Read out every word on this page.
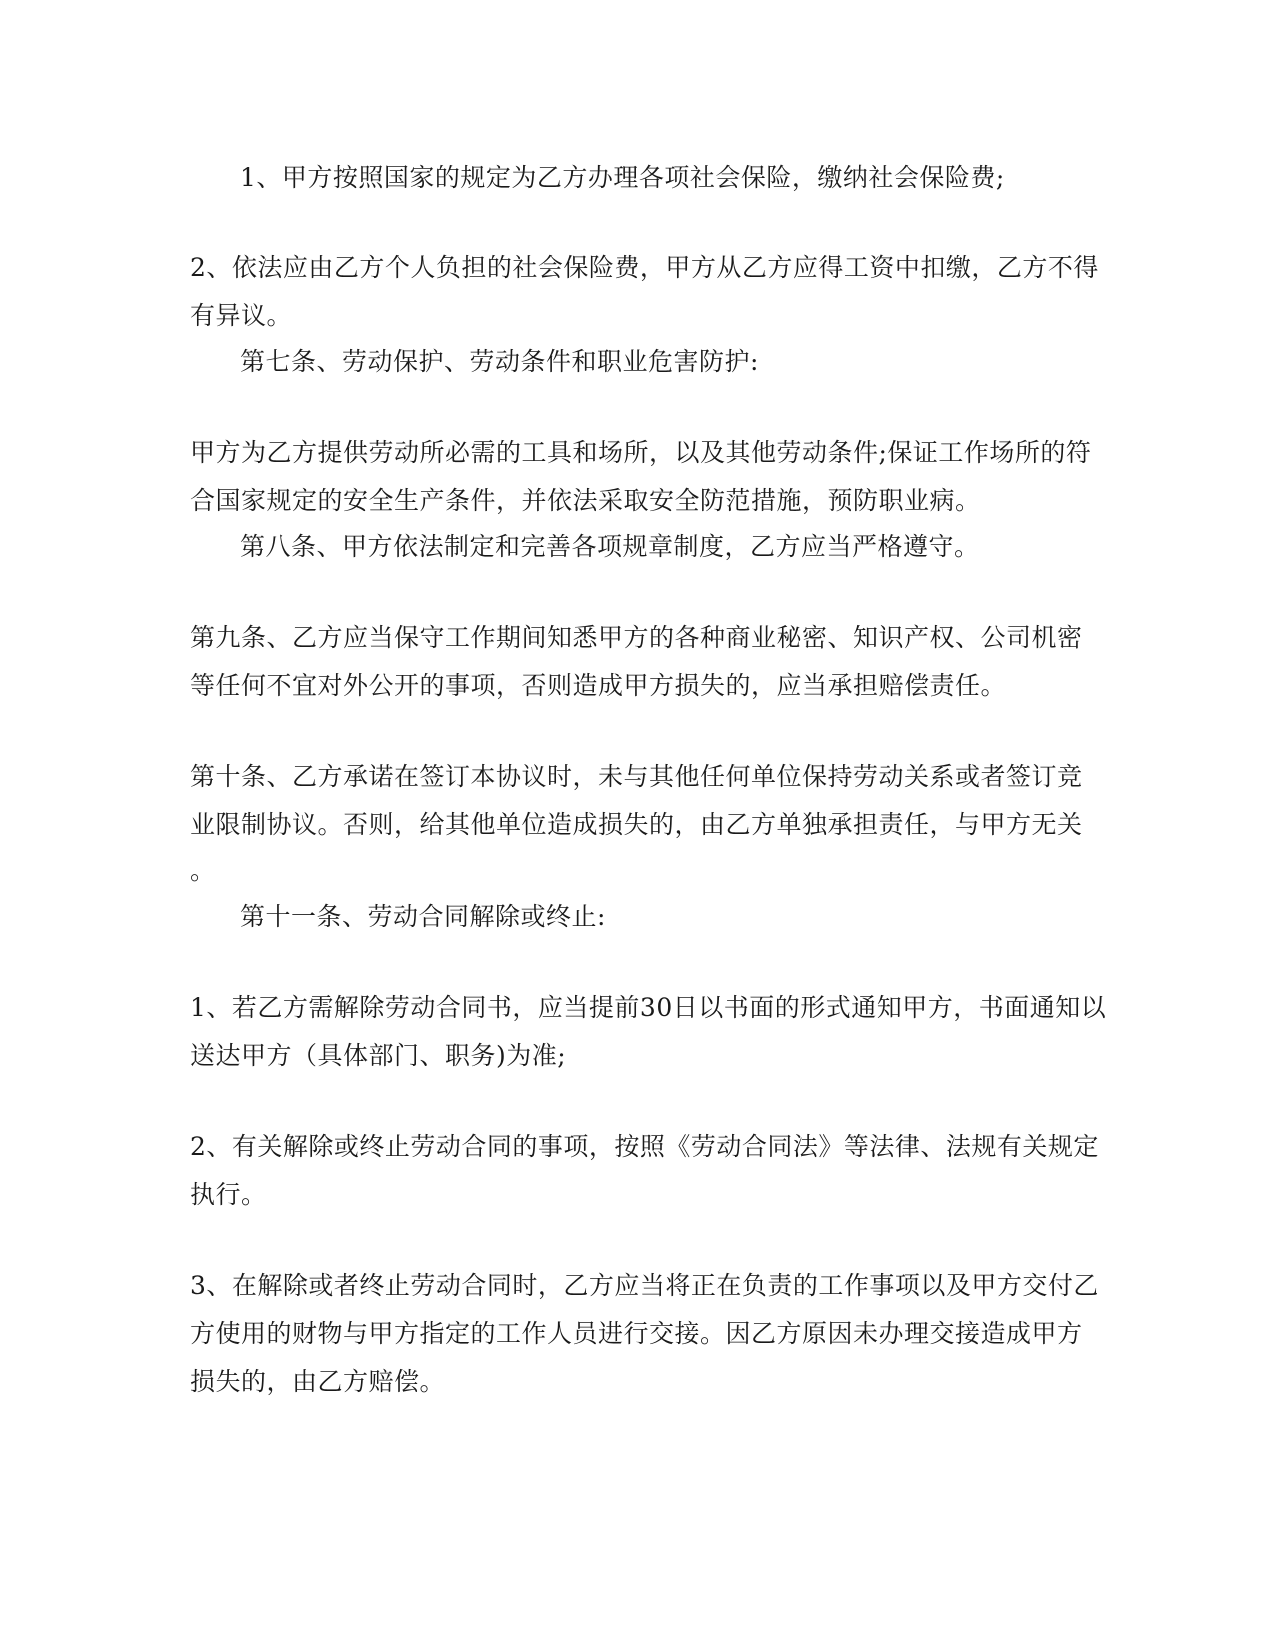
1、甲方按照国家的规定为乙方办理各项社会保险，缴纳社会保险费;
2、依法应由乙方个人负担的社会保险费，甲方从乙方应得工资中扣缴，乙方不得
有异议。
第七条、劳动保护、劳动条件和职业危害防护:
甲方为乙方提供劳动所必需的工具和场所，以及其他劳动条件;保证工作场所的符
合国家规定的安全生产条件，并依法采取安全防范措施，预防职业病。
第八条、甲方依法制定和完善各项规章制度，乙方应当严格遵守。
第九条、乙方应当保守工作期间知悉甲方的各种商业秘密、知识产权、公司机密
等任何不宜对外公开的事项，否则造成甲方损失的，应当承担赔偿责任。
第十条、乙方承诺在签订本协议时，未与其他任何单位保持劳动关系或者签订竞
业限制协议。否则，给其他单位造成损失的，由乙方单独承担责任，与甲方无关
。
第十一条、劳动合同解除或终止:
1、若乙方需解除劳动合同书，应当提前30日以书面的形式通知甲方，书面通知以
送达甲方（具体部门、职务)为准;
2、有关解除或终止劳动合同的事项，按照《劳动合同法》等法律、法规有关规定
执行。
3、在解除或者终止劳动合同时，乙方应当将正在负责的工作事项以及甲方交付乙
方使用的财物与甲方指定的工作人员进行交接。因乙方原因未办理交接造成甲方
损失的，由乙方赔偿。
